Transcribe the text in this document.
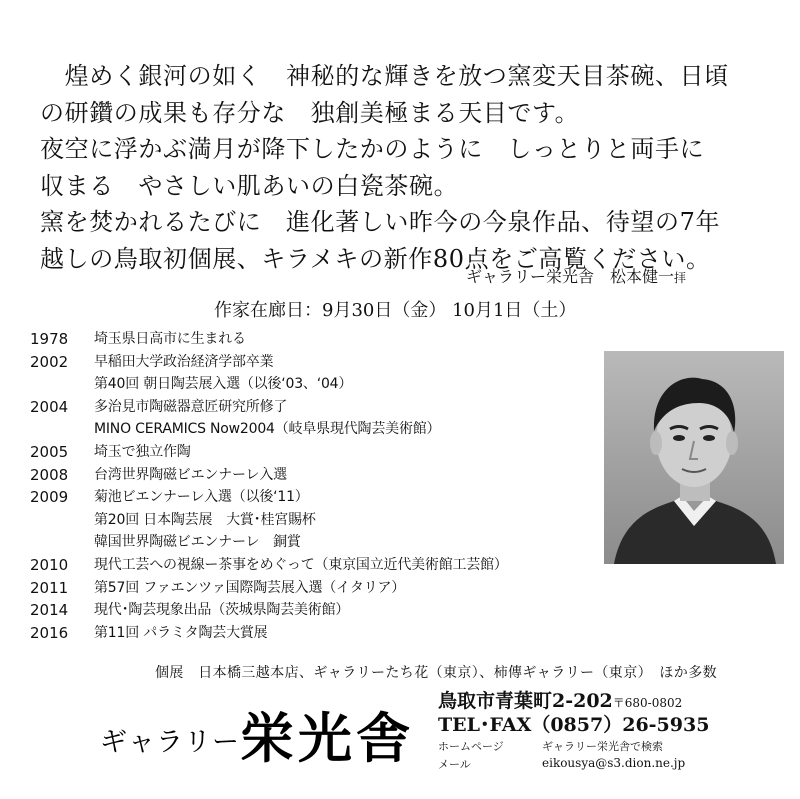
　煌めく銀河の如く　神秘的な輝きを放つ窯変天目茶碗、日頃

の研鑽の成果も存分な　独創美極まる天目です。

夜空に浮かぶ満月が降下したかのように　しっとりと両手に

収まる　やさしい肌あいの白瓷茶碗。

窯を焚かれるたびに　進化著しい昨今の今泉作品、待望の7年

越しの鳥取初個展、キラメキの新作80点をご高覧ください。

ギャラリー栄光舎　松本健一拝
作家在廊日：9月30日（金） 10月1日（土）
1978	埼玉県日高市に生まれる
2002	早稲田大学政治経済学部卒業
第40回 朝日陶芸展入選（以後‘03、‘04）
2004	多治見市陶磁器意匠研究所修了
MINO CERAMICS Now2004（岐阜県現代陶芸美術館）
2005	埼玉で独立作陶
2008	台湾世界陶磁ビエンナーレ入選
2009	菊池ビエンナーレ入選（以後‘11）
第20回 日本陶芸展　大賞･桂宮賜杯
韓国世界陶磁ビエンナーレ　銅賞
2010	現代工芸への視線ー茶事をめぐって（東京国立近代美術館工芸館）
2011	第57回 ファエンツァ国際陶芸展入選（イタリア）
2014	現代･陶芸現象出品（茨城県陶芸美術館）
2016	第11回 パラミタ陶芸大賞展
個展　日本橋三越本店、ギャラリーたち花（東京）、柿傳ギャラリー（東京）　ほか多数
ギャラリー栄光舎
鳥取市青葉町2-202〒680-0802
TEL･FAX（0857）26-5935
ホームページ	ギャラリー栄光舎で検索
メール	eikousya@s3.dion.ne.jp
